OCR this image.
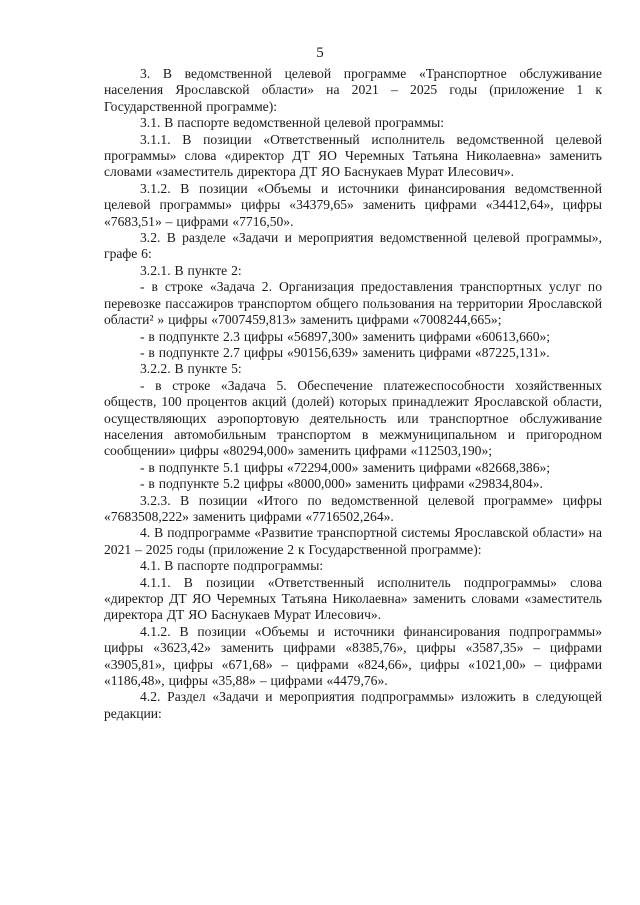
5

3. В ведомственной целевой программе «Транспортное обслуживание населения Ярославской области» на 2021 – 2025 годы (приложение 1 к Государственной программе):

3.1. В паспорте ведомственной целевой программы:

3.1.1. В позиции «Ответственный исполнитель ведомственной целевой программы» слова «директор ДТ ЯО Черемных Татьяна Николаевна» заменить словами «заместитель директора ДТ ЯО Баснукаев Мурат Илесович».

3.1.2. В позиции «Объемы и источники финансирования ведомственной целевой программы» цифры «34379,65» заменить цифрами «34412,64», цифры «7683,51» – цифрами «7716,50».

3.2. В разделе «Задачи и мероприятия ведомственной целевой программы», графе 6:

3.2.1. В пункте 2:

- в строке «Задача 2. Организация предоставления транспортных услуг по перевозке пассажиров транспортом общего пользования на территории Ярославской области² » цифры «7007459,813» заменить цифрами «7008244,665»;

- в подпункте 2.3 цифры «56897,300» заменить цифрами «60613,660»;

- в подпункте 2.7 цифры «90156,639» заменить цифрами «87225,131».

3.2.2. В пункте 5:

- в строке «Задача 5. Обеспечение платежеспособности хозяйственных обществ, 100 процентов акций (долей) которых принадлежит Ярославской области, осуществляющих аэропортовую деятельность или транспортное обслуживание населения автомобильным транспортом в межмуниципальном и пригородном сообщении» цифры «80294,000» заменить цифрами «112503,190»;

- в подпункте 5.1 цифры «72294,000» заменить цифрами «82668,386»;

- в подпункте 5.2 цифры «8000,000» заменить цифрами «29834,804».

3.2.3. В позиции «Итого по ведомственной целевой программе» цифры «7683508,222» заменить цифрами «7716502,264».

4. В подпрограмме «Развитие транспортной системы Ярославской области» на 2021 – 2025 годы (приложение 2 к Государственной программе):

4.1. В паспорте подпрограммы:

4.1.1. В позиции «Ответственный исполнитель подпрограммы» слова «директор ДТ ЯО Черемных Татьяна Николаевна» заменить словами «заместитель директора ДТ ЯО Баснукаев Мурат Илесович».

4.1.2. В позиции «Объемы и источники финансирования подпрограммы» цифры «3623,42» заменить цифрами «8385,76», цифры «3587,35» – цифрами «3905,81», цифры «671,68» – цифрами «824,66», цифры «1021,00» – цифрами «1186,48», цифры «35,88» – цифрами «4479,76».

4.2. Раздел «Задачи и мероприятия подпрограммы» изложить в следующей редакции:
